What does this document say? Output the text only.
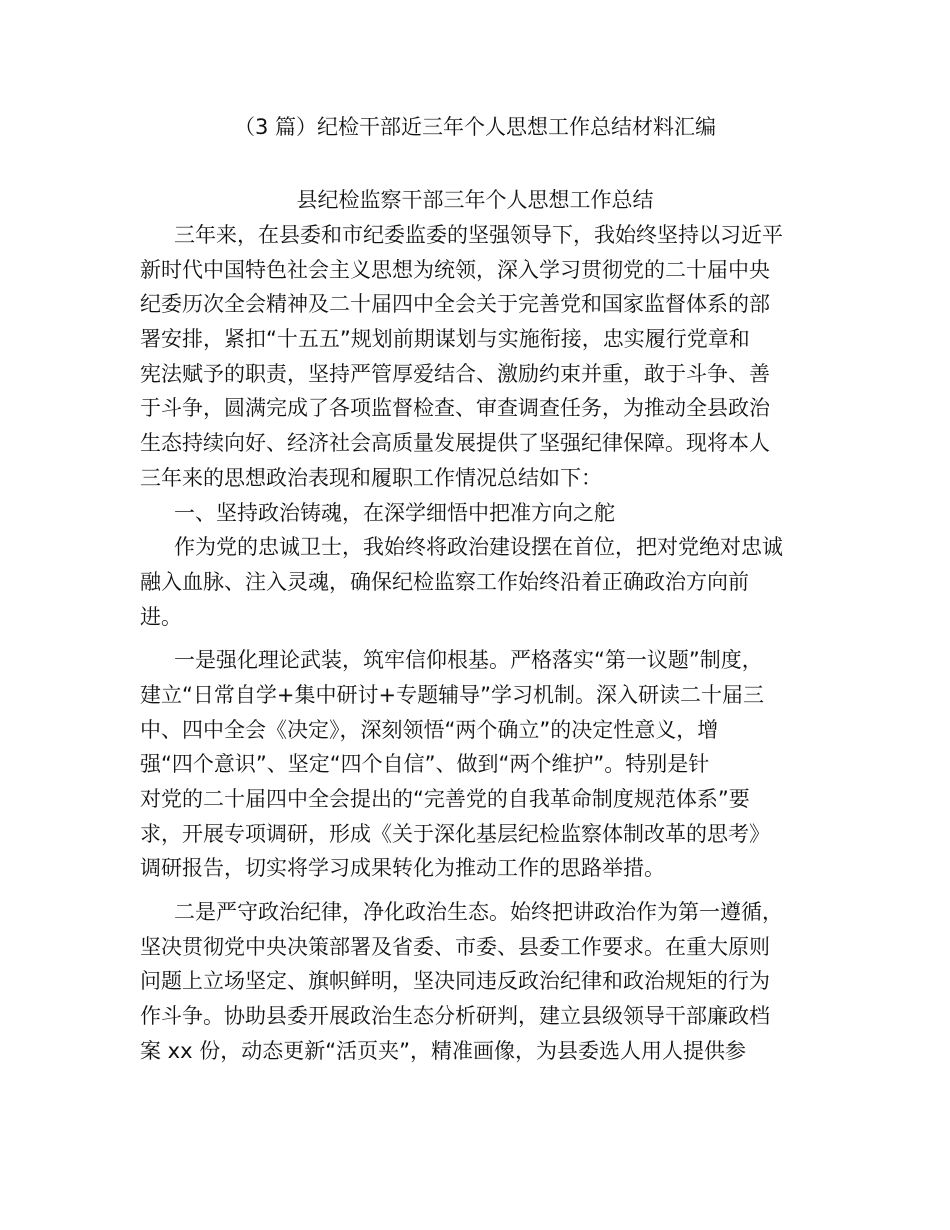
（3 篇）纪检干部近三年个人思想工作总结材料汇编
县纪检监察干部三年个人思想工作总结

三年来，在县委和市纪委监委的坚强领导下，我始终坚持以习近平
新时代中国特色社会主义思想为统领，深入学习贯彻党的二十届中央
纪委历次全会精神及二十届四中全会关于完善党和国家监督体系的部
署安排，紧扣“十五五”规划前期谋划与实施衔接，忠实履行党章和
宪法赋予的职责，坚持严管厚爱结合、激励约束并重，敢于斗争、善
于斗争，圆满完成了各项监督检查、审查调查任务，为推动全县政治
生态持续向好、经济社会高质量发展提供了坚强纪律保障。现将本人
三年来的思想政治表现和履职工作情况总结如下：

一、坚持政治铸魂，在深学细悟中把准方向之舵

作为党的忠诚卫士，我始终将政治建设摆在首位，把对党绝对忠诚
融入血脉、注入灵魂，确保纪检监察工作始终沿着正确政治方向前
进。

一是强化理论武装，筑牢信仰根基。严格落实“第一议题”制度，
建立“日常自学+集中研讨+专题辅导”学习机制。深入研读二十届三
中、四中全会《决定》，深刻领悟“两个确立”的决定性意义，增
强“四个意识”、坚定“四个自信”、做到“两个维护”。特别是针
对党的二十届四中全会提出的“完善党的自我革命制度规范体系”要
求，开展专项调研，形成《关于深化基层纪检监察体制改革的思考》
调研报告，切实将学习成果转化为推动工作的思路举措。

二是严守政治纪律，净化政治生态。始终把讲政治作为第一遵循，
坚决贯彻党中央决策部署及省委、市委、县委工作要求。在重大原则
问题上立场坚定、旗帜鲜明，坚决同违反政治纪律和政治规矩的行为
作斗争。协助县委开展政治生态分析研判，建立县级领导干部廉政档
案 xx 份，动态更新“活页夹”，精准画像，为县委选人用人提供参
